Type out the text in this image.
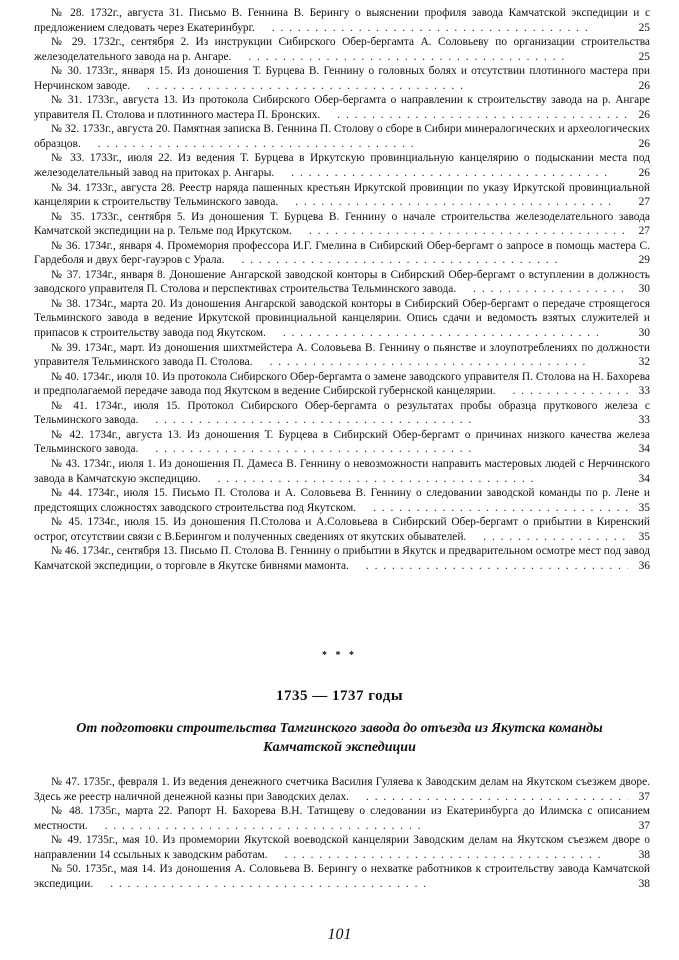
№ 28. 1732г., августа 31. Письмо В. Геннина В. Берингу о выяснении профиля завода Камчатской экспедиции и с предложением следовать через Екатеринбург. . . .	25

№ 29. 1732г., сентября 2. Из инструкции Сибирского Обер-бергамта А. Соловьеву по организации строительства железоделательного завода на р. Ангаре. . . .	25

№ 30. 1733г., января 15. Из доношения Т. Бурцева В. Геннину о головных болях и отсутствии плотинного мастера при Нерчинском заводе. . . .	26

№ 31. 1733г., августа 13. Из протокола Сибирского Обер-бергамта о направлении к строительству завода на р. Ангаре управителя П. Столова и плотинного мастера П. Бронских. . . .	26

№ 32. 1733г., августа 20. Памятная записка В. Геннина П. Столову о сборе в Сибири минералогических и археологических образцов. . . .	26

№ 33. 1733г., июля 22. Из ведения Т. Бурцева в Иркутскую провинциальную канцелярию о подыскании места под железоделательный завод на притоках р. Ангары. . . .	26

№ 34. 1733г., августа 28. Реестр наряда пашенных крестьян Иркутской провинции по указу Иркутской провинциальной канцелярии к строительству Тельминского завода. . . .	27

№ 35. 1733г., сентября 5. Из доношения Т. Бурцева В. Геннину о начале строительства железоделательного завода Камчатской экспедиции на р. Тельме под Иркутском. . . .	27

№ 36. 1734г., января 4. Промемория профессора И.Г. Гмелина в Сибирский Обер-бергамт о запросе в помощь мастера С. Гардеболя и двух берг-гауэров с Урала. . . .	29

№ 37. 1734г., января 8. Доношение Ангарской заводской конторы в Сибирский Обер-бергамт о вступлении в должность заводского управителя П. Столова и перспективах строительства Тельминского завода. . . .	30

№ 38. 1734г., марта 20. Из доношения Ангарской заводской конторы в Сибирский Обер-бергамт о передаче строящегося Тельминского завода в ведение Иркутской провинциальной канцелярии. Опись сдачи и ведомость взятых служителей и припасов к строительству завода под Якутском. . . .	30

№ 39. 1734г., март. Из доношения шихтмейстера А. Соловьева В. Геннину о пьянстве и злоупотреблениях по должности управителя Тельминского завода П. Столова. . . .	32

№ 40. 1734г., июля 10. Из протокола Сибирского Обер-бергамта о замене заводского управителя П. Столова на Н. Бахорева и предполагаемой передаче завода под Якутском в ведение Сибирской губернской канцелярии. . . .	33

№ 41. 1734г., июля 15. Протокол Сибирского Обер-бергамта о результатах пробы образца пруткового железа с Тельминского завода. . . .	33

№ 42. 1734г., августа 13. Из доношения Т. Бурцева в Сибирский Обер-бергамт о причинах низкого качества железа Тельминского завода. . . .	34

№ 43. 1734г., июля 1. Из доношения П. Дамеса В. Геннину о невозможности направить мастеровых людей с Нерчинского завода в Камчатскую экспедицию. . . .	34

№ 44. 1734г., июля 15. Письмо П. Столова и А. Соловьева В. Геннину о следовании заводской команды по р. Лене и предстоящих сложностях заводского строительства под Якутском. . . .	35

№ 45. 1734г., июля 15. Из доношения П.Столова и А.Соловьева в Сибирский Обер-бергамт о прибытии в Киренский острог, отсутствии связи с В.Берингом и полученных сведениях от якутских обывателей. . . .	35

№ 46. 1734г., сентября 13. Письмо П. Столова В. Геннину о прибытии в Якутск и предварительном осмотре мест под завод Камчатской экспедиции, о торговле в Якутске бивнями мамонта. . . .	36

* * *
1735 — 1737 годы
От подготовки строительства Тамгинского завода до отъезда из Якутска команды Камчатской экспедиции

№ 47. 1735г., февраля 1. Из ведения денежного счетчика Василия Гуляева к Заводским делам на Якутском съезжем дворе. Здесь же реестр наличной денежной казны при Заводских делах. . . .	37

№ 48. 1735г., марта 22. Рапорт Н. Бахорева В.Н. Татищеву о следовании из Екатеринбурга до Илимска с описанием местности. . . .	37

№ 49. 1735г., мая 10. Из промемории Якутской воеводской канцелярии Заводским делам на Якутском съезжем дворе о направлении 14 ссыльных к заводским работам. . . .	38

№ 50. 1735г., мая 14. Из доношения А. Соловьева В. Берингу о нехватке работников к строительству завода Камчатской экспедиции. . . .	38

101
